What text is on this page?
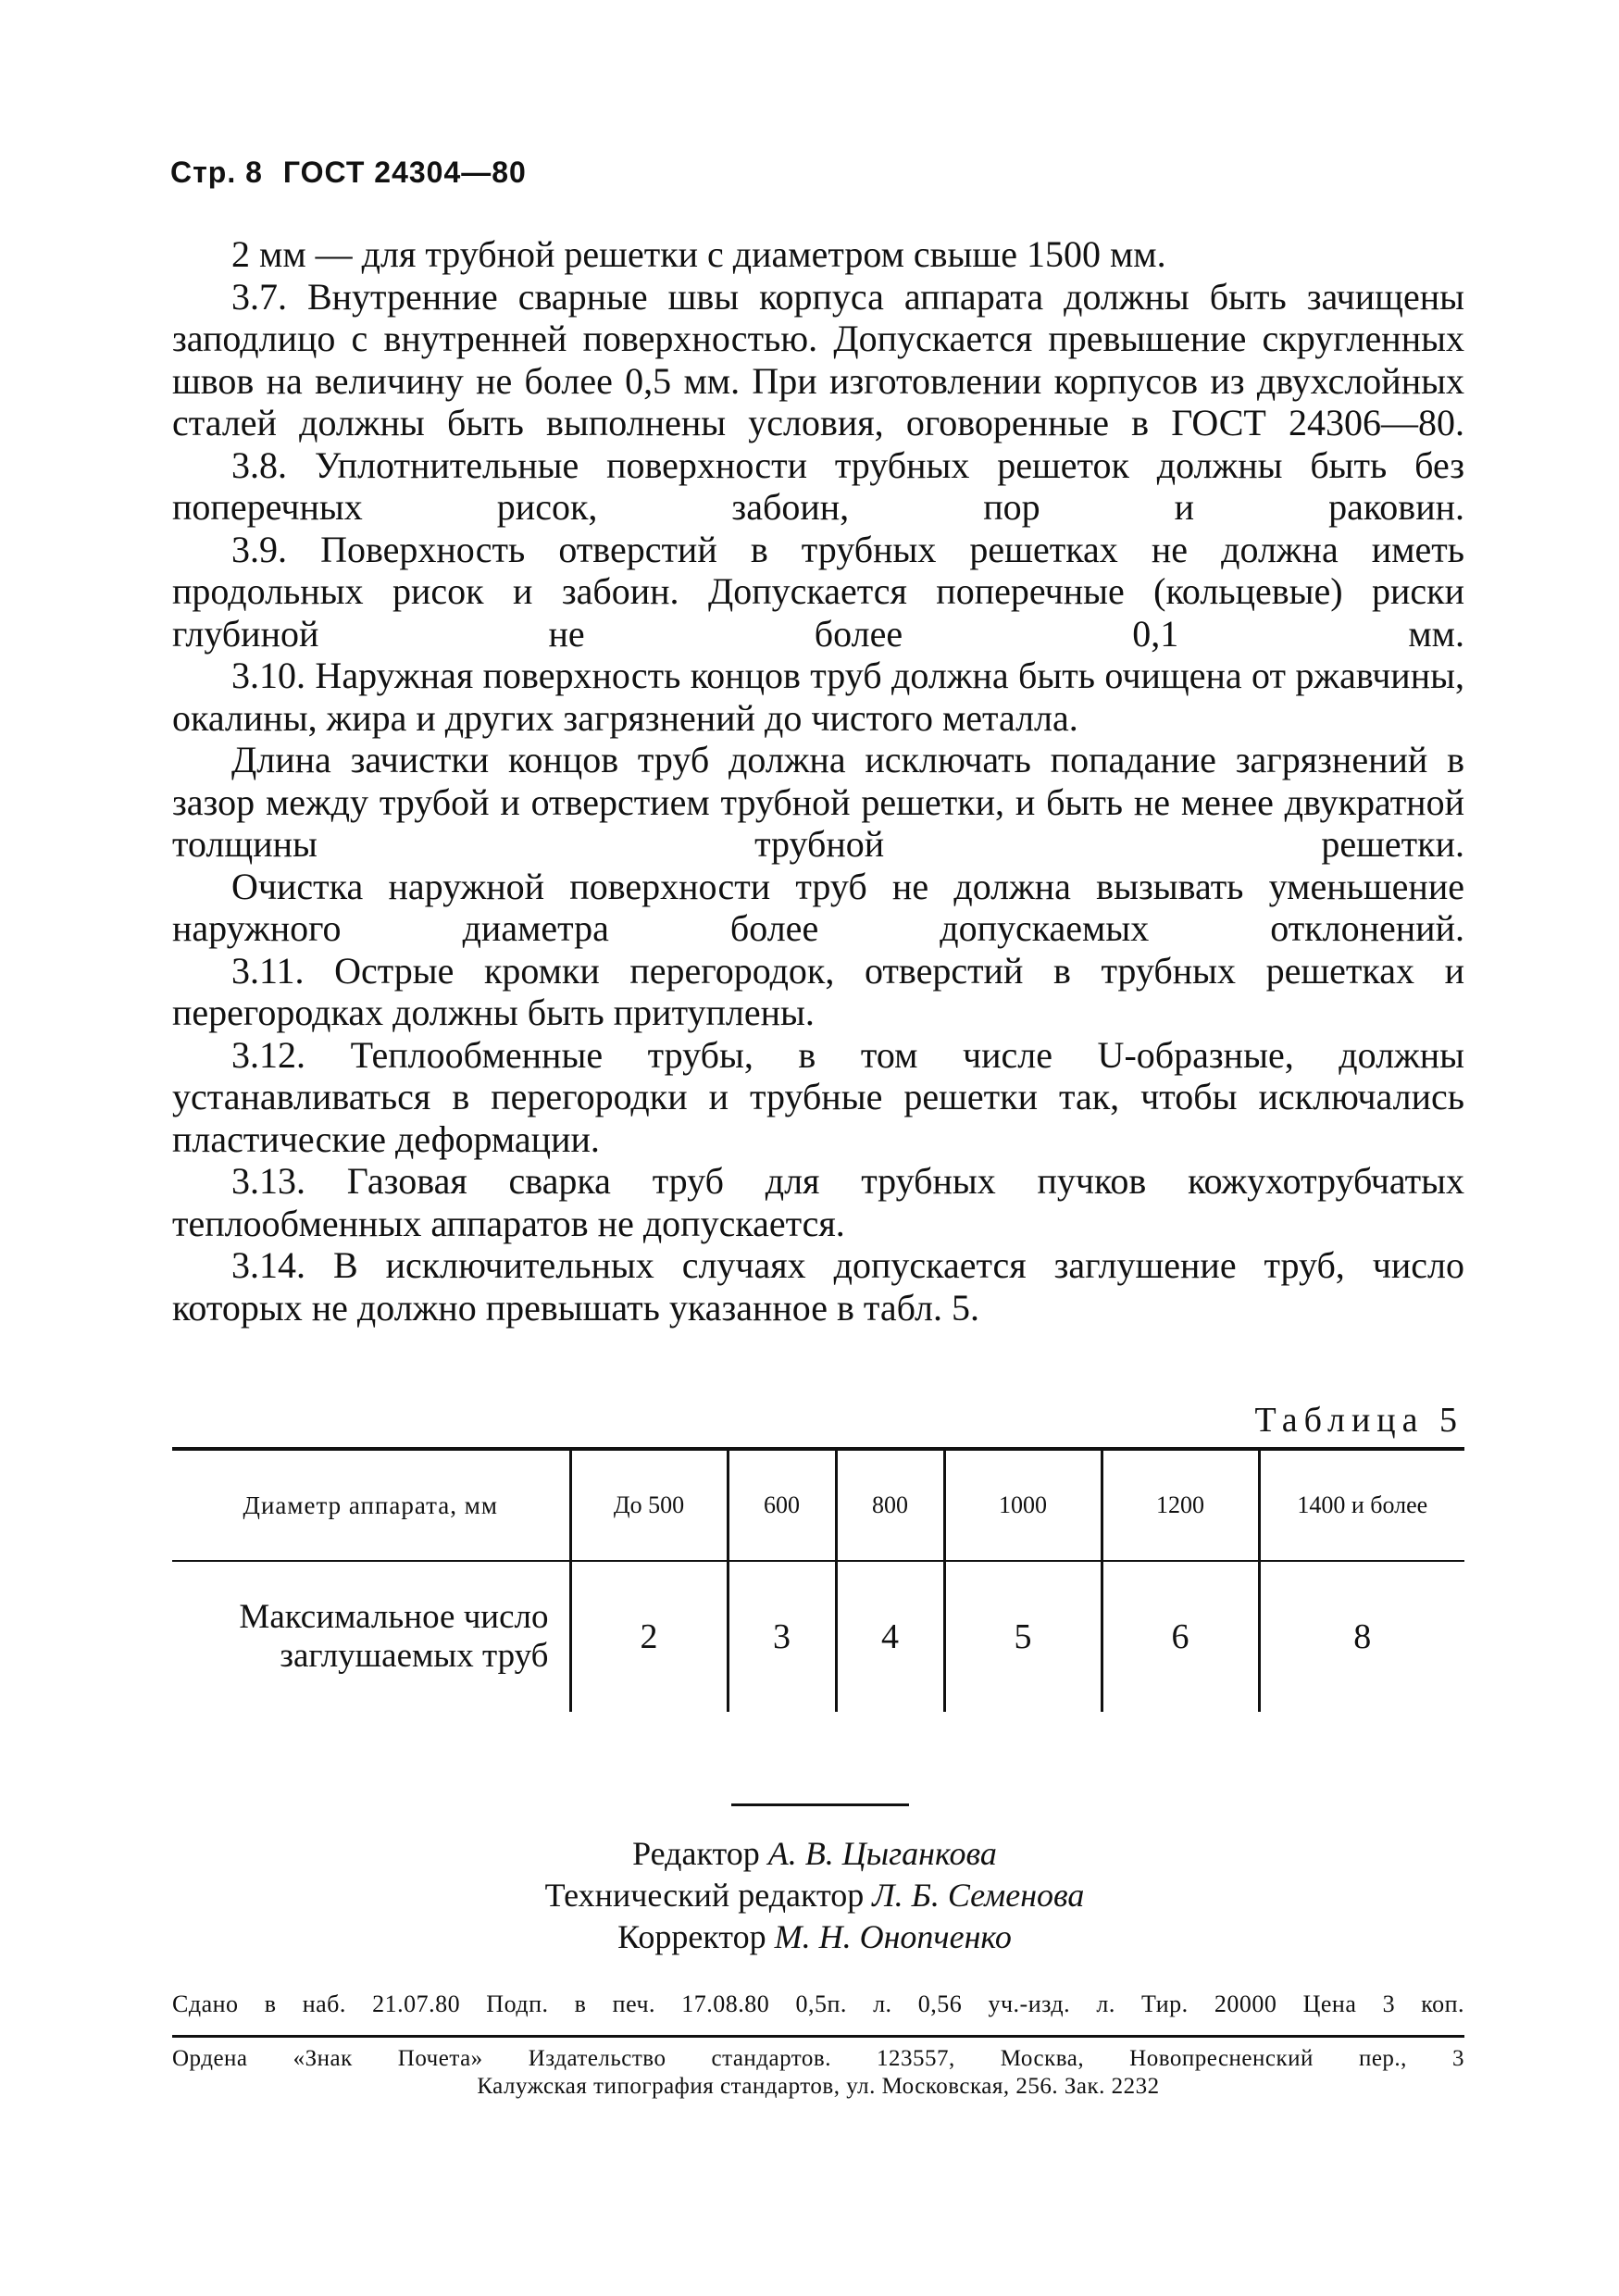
Стр. 8 ГОСТ 24304—80

2 мм — для трубной решетки с диаметром свыше 1500 мм.

3.7. Внутренние сварные швы корпуса аппарата должны быть зачищены заподлицо с внутренней поверхностью. Допускается превышение скругленных швов на величину не более 0,5 мм. При изготовлении корпусов из двухслойных сталей должны быть выполнены условия, оговоренные в ГОСТ 24306—80.

3.8. Уплотнительные поверхности трубных решеток должны быть без поперечных рисок, забоин, пор и раковин.

3.9. Поверхность отверстий в трубных решетках не должна иметь продольных рисок и забоин. Допускается поперечные (кольцевые) риски глубиной не более 0,1 мм.

3.10. Наружная поверхность концов труб должна быть очищена от ржавчины, окалины, жира и других загрязнений до чистого металла.

Длина зачистки концов труб должна исключать попадание загрязнений в зазор между трубой и отверстием трубной решетки, и быть не менее двукратной толщины трубной решетки.

Очистка наружной поверхности труб не должна вызывать уменьшение наружного диаметра более допускаемых отклонений.

3.11. Острые кромки перегородок, отверстий в трубных решетках и перегородках должны быть притуплены.

3.12. Теплообменные трубы, в том числе U-образные, должны устанавливаться в перегородки и трубные решетки так, чтобы исключались пластические деформации.

3.13. Газовая сварка труб для трубных пучков кожухотрубчатых теплообменных аппаратов не допускается.

3.14. В исключительных случаях допускается заглушение труб, число которых не должно превышать указанное в табл. 5.

Таблица 5
Диаметр аппарата, мм	До 500	600	800	1000	1200	1400 и более
Максимальное число заглушаемых труб	2	3	4	5	6	8
Редактор А. В. Цыганкова
Технический редактор Л. Б. Семенова
Корректор М. Н. Онопченко
Сдано в наб. 21.07.80 Подп. в печ. 17.08.80 0,5п. л. 0,56 уч.-изд. л. Тир. 20000 Цена 3 коп.
Ордена «Знак Почета» Издательство стандартов. 123557, Москва, Новопресненский пер., 3
Калужская типография стандартов, ул. Московская, 256. Зак. 2232
